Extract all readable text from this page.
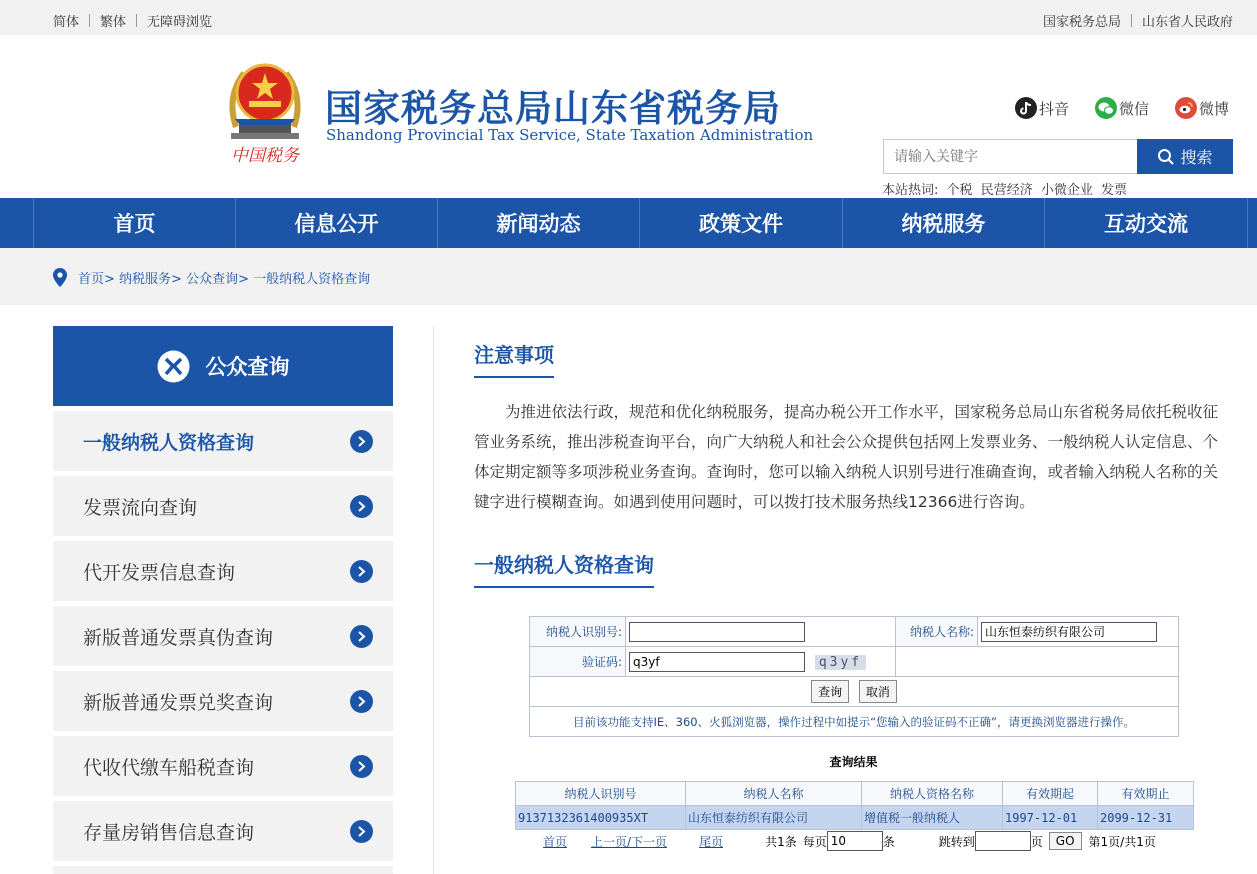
简体 繁体 无障碍浏览	国家税务总局 山东省人民政府
中国税务
国家税务总局山东省税务局
Shandong Provincial Tax Service, State Taxation Administration
抖音	微信	微博
请输入关键字
搜索
本站热词: 个税 民营经济 小微企业 发票
首页	信息公开	新闻动态	政策文件	纳税服务	互动交流
首页>
纳税服务>
公众查询>
一般纳税人资格查询
公众查询
一般纳税人资格查询
发票流向查询
代开发票信息查询
新版普通发票真伪查询
新版普通发票兑奖查询
代收代缴车船税查询
存量房销售信息查询
注意事项
为推进依法行政，规范和优化纳税服务，提高办税公开工作水平，国家税务总局山东省税务局依托税收征管业务系统，推出涉税查询平台，向广大纳税人和社会公众提供包括网上发票业务、一般纳税人认定信息、个体定期定额等多项涉税业务查询。查询时，您可以输入纳税人识别号进行准确查询，或者输入纳税人名称的关键字进行模糊查询。如遇到使用问题时，可以拨打技术服务热线12366进行咨询。
一般纳税人资格查询
纳税人识别号:		纳税人名称:	山东恒泰纺织有限公司
验证码:	q3yfq3yf	
查询 取消			
目前该功能支持IE、360、火狐浏览器，操作过程中如提示“您输入的验证码不正确”，请更换浏览器进行操作。			
查询结果
纳税人识别号	纳税人名称	纳税人资格名称	有效期起	有效期止
9137132361400935XT	山东恒泰纺织有限公司	增值税一般纳税人	1997-12-01	2099-12-31
首页 上一页/下一页	尾页	共1条 每页
10	条	跳转到	页	GO	第1页/共1页
